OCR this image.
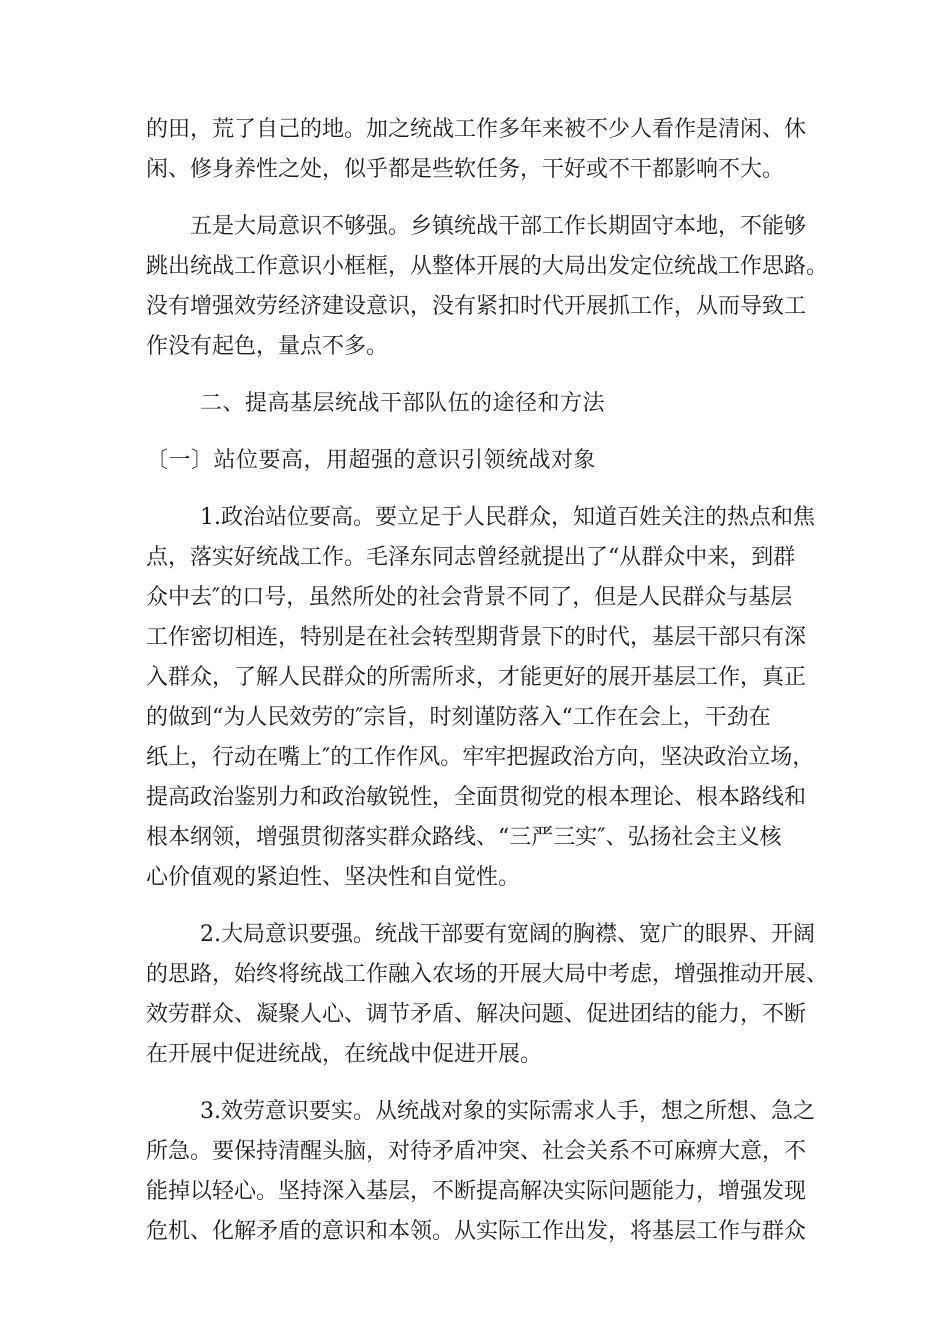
的田，荒了自己的地。加之统战工作多年来被不少人看作是清闲、休
闲、修身养性之处，似乎都是些软任务，干好或不干都影响不大。
五是大局意识不够强。乡镇统战干部工作长期固守本地，不能够
跳出统战工作意识小框框，从整体开展的大局出发定位统战工作思路。
没有增强效劳经济建设意识，没有紧扣时代开展抓工作，从而导致工
作没有起色，量点不多。
二、提高基层统战干部队伍的途径和方法
〔一〕站位要高，用超强的意识引领统战对象
1.政治站位要高。要立足于人民群众，知道百姓关注的热点和焦
点，落实好统战工作。毛泽东同志曾经就提出了“从群众中来，到群
众中去″的口号，虽然所处的社会背景不同了，但是人民群众与基层
工作密切相连，特别是在社会转型期背景下的时代，基层干部只有深
入群众，了解人民群众的所需所求，才能更好的展开基层工作，真正
的做到“为人民效劳的″宗旨，时刻谨防落入“工作在会上，干劲在
纸上，行动在嘴上″的工作作风。牢牢把握政治方向，坚决政治立场，
提高政治鉴别力和政治敏锐性，全面贯彻党的根本理论、根本路线和
根本纲领，增强贯彻落实群众路线、“三严三实″、弘扬社会主义核
心价值观的紧迫性、坚决性和自觉性。
2.大局意识要强。统战干部要有宽阔的胸襟、宽广的眼界、开阔
的思路，始终将统战工作融入农场的开展大局中考虑，增强推动开展、
效劳群众、凝聚人心、调节矛盾、解决问题、促进团结的能力，不断
在开展中促进统战，在统战中促进开展。
3.效劳意识要实。从统战对象的实际需求人手，想之所想、急之
所急。要保持清醒头脑，对待矛盾冲突、社会关系不可麻痹大意，不
能掉以轻心。坚持深入基层，不断提高解决实际问题能力，增强发现
危机、化解矛盾的意识和本领。从实际工作出发，将基层工作与群众
